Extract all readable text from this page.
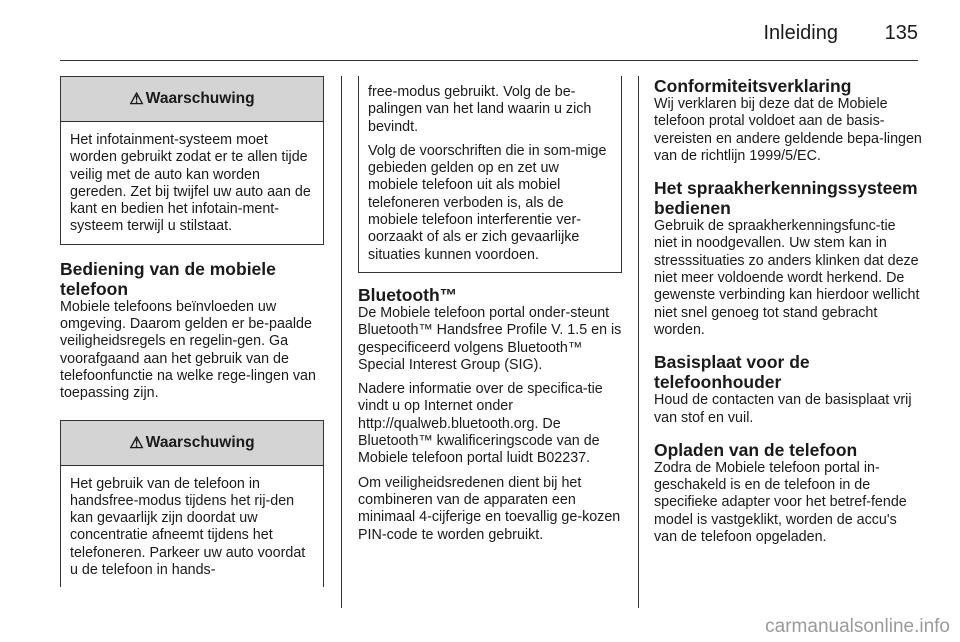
Inleiding 135
⚠ Waarschuwing

Het infotainment-systeem moet worden gebruikt zodat er te allen tijde veilig met de auto kan worden gereden. Zet bij twijfel uw auto aan de kant en bedien het infotain-ment-systeem terwijl u stilstaat.

Bediening van de mobiele telefoon

Mobiele telefoons beïnvloeden uw omgeving. Daarom gelden er be-paalde veiligheidsregels en regelin-gen. Ga voorafgaand aan het gebruik van de telefoonfunctie na welke rege-lingen van toepassing zijn.

⚠ Waarschuwing

Het gebruik van de telefoon in handsfree-modus tijdens het rij-den kan gevaarlijk zijn doordat uw concentratie afneemt tijdens het telefoneren. Parkeer uw auto voordat u de telefoon in hands-

free-modus gebruikt. Volg de be-palingen van het land waarin u zich bevindt.

Volg de voorschriften die in som-mige gebieden gelden op en zet uw mobiele telefoon uit als mobiel telefoneren verboden is, als de mobiele telefoon interferentie ver-oorzaakt of als er zich gevaarlijke situaties kunnen voordoen.

Bluetooth™

De Mobiele telefoon portal onder-steunt Bluetooth™ Handsfree Profile V. 1.5 en is gespecificeerd volgens Bluetooth™ Special Interest Group (SIG).

Nadere informatie over de specifica-tie vindt u op Internet onder http://qualweb.bluetooth.org. De Bluetooth™ kwalificeringscode van de Mobiele telefoon portal luidt B02237.

Om veiligheidsredenen dient bij het combineren van de apparaten een minimaal 4-cijferige en toevallig ge-kozen PIN-code te worden gebruikt.

Conformiteitsverklaring

Wij verklaren bij deze dat de Mobiele telefoon protal voldoet aan de basis-vereisten en andere geldende bepa-lingen van de richtlijn 1999/5/EC.

Het spraakherkenningssysteem bedienen

Gebruik de spraakherkenningsfunc-tie niet in noodgevallen. Uw stem kan in stresssituaties zo anders klinken dat deze niet meer voldoende wordt herkend. De gewenste verbinding kan hierdoor wellicht niet snel genoeg tot stand gebracht worden.

Basisplaat voor de telefoonhouder

Houd de contacten van de basisplaat vrij van stof en vuil.

Opladen van de telefoon

Zodra de Mobiele telefoon portal in-geschakeld is en de telefoon in de specifieke adapter voor het betref-fende model is vastgeklikt, worden de accu's van de telefoon opgeladen.

carmanualsonline.info
